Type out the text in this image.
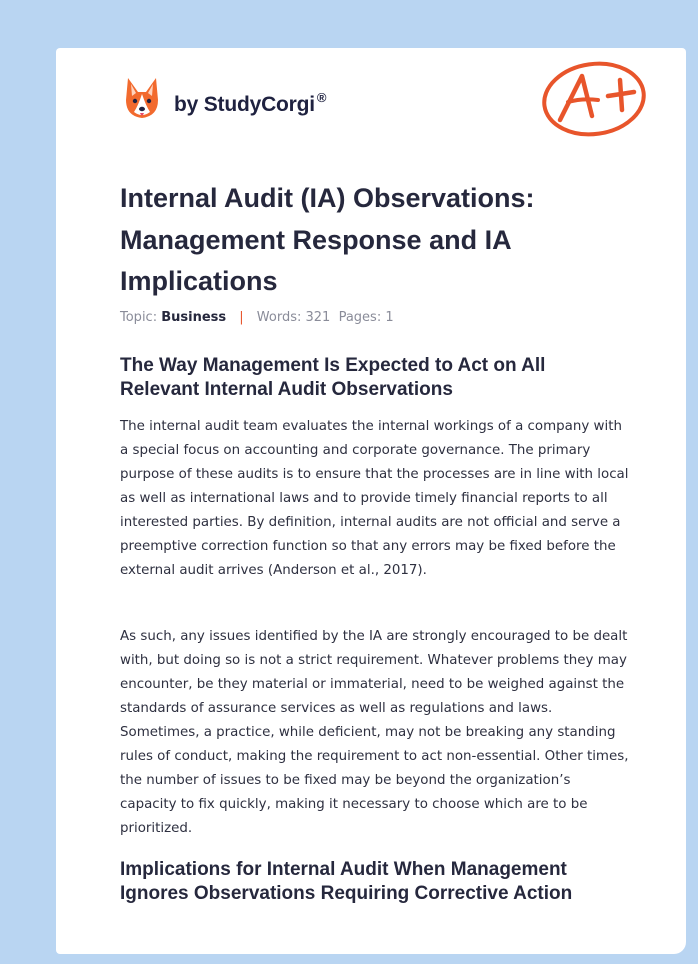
by StudyCorgi ®
Internal Audit (IA) Observations: Management Response and IA Implications
Topic: Business | Words: 321 Pages: 1
The Way Management Is Expected to Act on All Relevant Internal Audit Observations

The internal audit team evaluates the internal workings of a company with a special focus on accounting and corporate governance. The primary purpose of these audits is to ensure that the processes are in line with local as well as international laws and to provide timely financial reports to all interested parties. By definition, internal audits are not official and serve a preemptive correction function so that any errors may be fixed before the external audit arrives (Anderson et al., 2017).

As such, any issues identified by the IA are strongly encouraged to be dealt with, but doing so is not a strict requirement. Whatever problems they may encounter, be they material or immaterial, need to be weighed against the standards of assurance services as well as regulations and laws. Sometimes, a practice, while deficient, may not be breaking any standing rules of conduct, making the requirement to act non-essential. Other times, the number of issues to be fixed may be beyond the organization’s capacity to fix quickly, making it necessary to choose which are to be prioritized.

Implications for Internal Audit When Management Ignores Observations Requiring Corrective Action
